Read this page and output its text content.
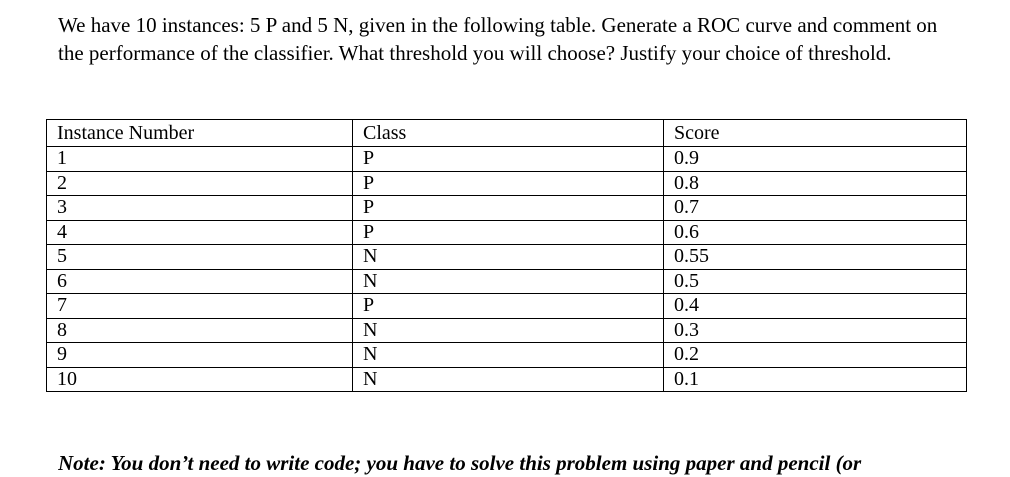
We have 10 instances: 5 P and 5 N, given in the following table. Generate a ROC curve and comment on the performance of the classifier. What threshold you will choose? Justify your choice of threshold.

Instance Number	Class	Score
1	P	0.9
2	P	0.8
3	P	0.7
4	P	0.6
5	N	0.55
6	N	0.5
7	P	0.4
8	N	0.3
9	N	0.2
10	N	0.1

Note: You don’t need to write code; you have to solve this problem using paper and pencil (or
